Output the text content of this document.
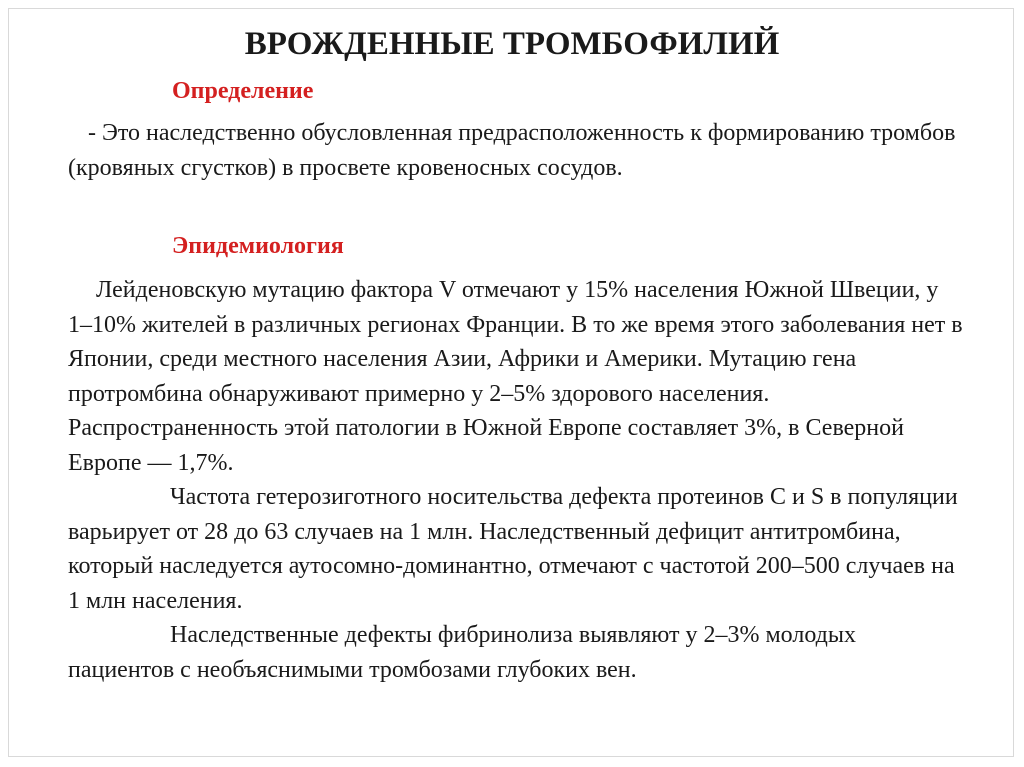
ВРОЖДЕННЫЕ ТРОМБОФИЛИЙ
Определение

- Это наследственно обусловленная предрасположенность к формированию тромбов (кровяных сгустков) в просвете кровеносных сосудов.

Эпидемиология

Лейденовскую мутацию фактора V отмечают у 15% населения Южной Швеции, у 1–10% жителей в различных регионах Франции. В то же время этого заболевания нет в Японии, среди местного населения Азии, Африки и Америки. Мутацию гена протромбина обнаруживают примерно у 2–5% здорового населения. Распространенность этой патологии в Южной Европе составляет 3%, в Северной Европе — 1,7%.

Частота гетерозиготного носительства дефекта протеинов C и S в популяции варьирует от 28 до 63 случаев на 1 млн. Наследственный дефицит антитромбина, который наследуется аутосомно-доминантно, отмечают с частотой 200–500 случаев на 1 млн населения.

Наследственные дефекты фибринолиза выявляют у 2–3% молодых пациентов с необъяснимыми тромбозами глубоких вен.
